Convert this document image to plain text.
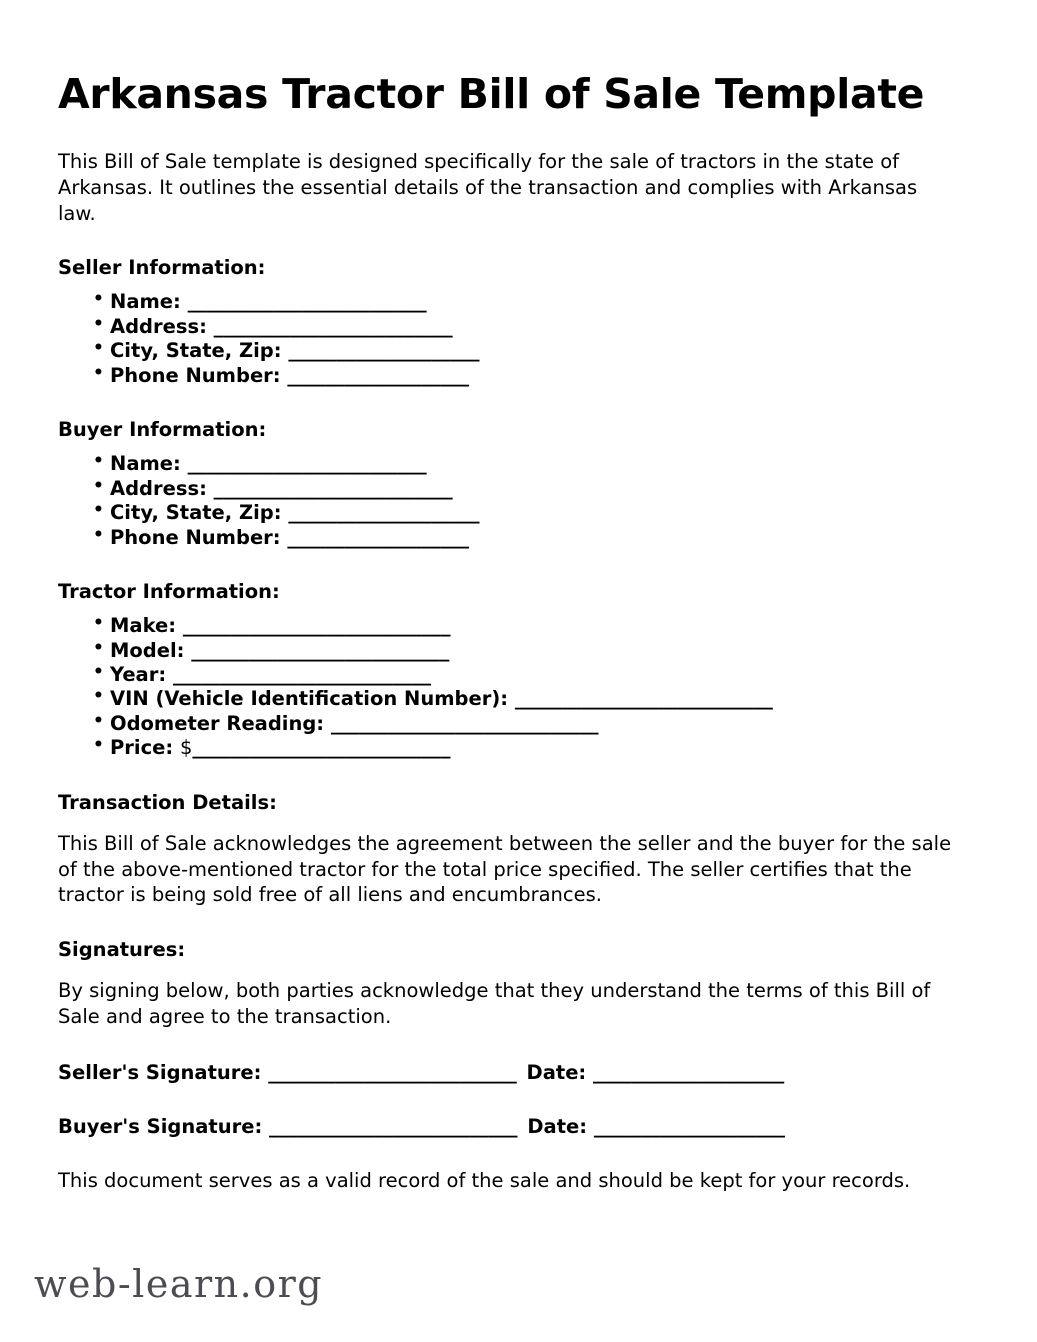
Arkansas Tractor Bill of Sale Template

This Bill of Sale template is designed specifically for the sale of tractors in the state of Arkansas. It outlines the essential details of the transaction and complies with Arkansas law.

Seller Information:
• Name: _________________________
• Address: _________________________
• City, State, Zip: ____________________
• Phone Number: ___________________
Buyer Information:
• Name: _________________________
• Address: _________________________
• City, State, Zip: ____________________
• Phone Number: ___________________
Tractor Information:
• Make: ____________________________
• Model: ___________________________
• Year: ___________________________
• VIN (Vehicle Identification Number): ___________________________
• Odometer Reading: ____________________________
• Price: $___________________________
Transaction Details:

This Bill of Sale acknowledges the agreement between the seller and the buyer for the sale of the above-mentioned tractor for the total price specified. The seller certifies that the tractor is being sold free of all liens and encumbrances.

Signatures:

By signing below, both parties acknowledge that they understand the terms of this Bill of Sale and agree to the transaction.

Seller's Signature: __________________________ Date: ____________________
Buyer's Signature: __________________________ Date: ____________________

This document serves as a valid record of the sale and should be kept for your records.

web-learn.org
